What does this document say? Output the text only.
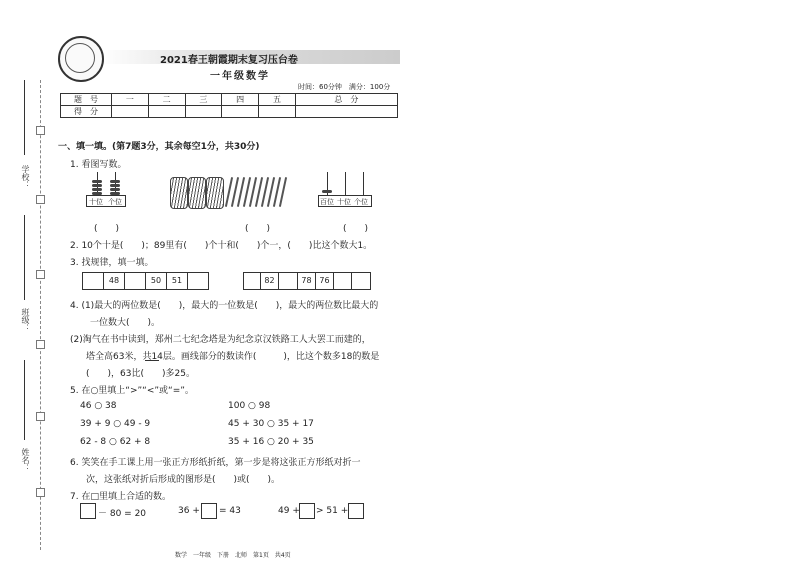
学校：
班级：
姓名：
2021春王朝霞期末复习压台卷
一年级数学
时间：60分钟　满分：100分
题　号	一	二	三	四	五	总　分
得　分						
一、填一填。(第7题3分，其余每空1分，共30分)
1. 看图写数。
十位 个位
(　　)	(　　)
百位 十位 个位
(　　)
2. 10个十是(　　)；89里有(　　)个十和(　　)个一，(　　)比这个数大1。
3. 找规律，填一填。
48	50	51	82	78 76
4. (1)最大的两位数是(　　)，最大的一位数是(　　)，最大的两位数比最大的
一位数大(　　)。
(2)淘气在书中读到，郑州二七纪念塔是为纪念京汉铁路工人大罢工而建的，
塔全高63米，共14层。画线部分的数读作(　　　)，比这个数多18的数是
(　　)，63比(　　)多25。
5. 在○里填上“>”“<”或“=”。
46 ○ 38	100 ○ 98
39 + 9 ○ 49 - 9	45 + 30 ○ 35 + 17
62 - 8 ○ 62 + 8	35 + 16 ○ 20 + 35
6. 笑笑在手工课上用一张正方形纸折纸，第一步是将这张正方形纸对折一
次，这张纸对折后形成的图形是(　　)或(　　)。
7. 在□里填上合适的数。
－ 80 = 20	36 + = 43	49 + > 51 +
数学　一年级　下册　北师　第1页　共4页
